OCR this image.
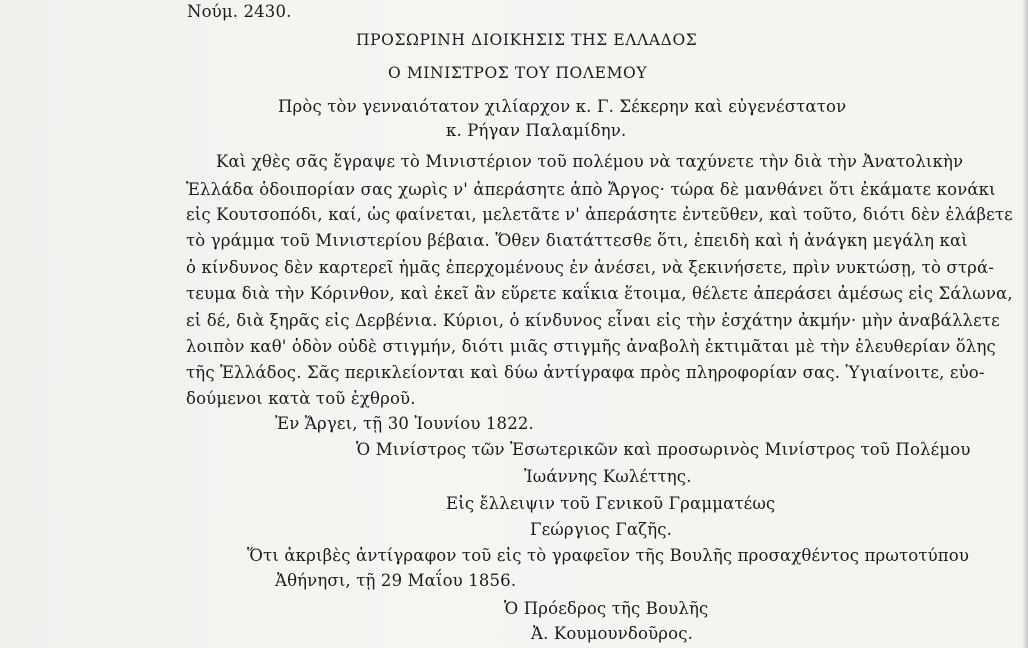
Νούμ. 2430.
ΠΡΟΣΩΡΙΝΗ ΔΙΟΙΚΗΣΙΣ ΤΗΣ ΕΛΛΑΔΟΣ
Ο ΜΙΝΙΣΤΡΟΣ ΤΟΥ ΠΟΛΕΜΟΥ
Πρὸς τὸν γενναιότατον χιλίαρχον κ. Γ. Σέκερην καὶ εὐγενέστατον
κ. Ρήγαν Παλαμίδην.
Καὶ χθὲς σᾶς ἔγραψε τὸ Μινιστέριον τοῦ πολέμου νὰ ταχύνετε τὴν διὰ τὴν Ἀνατολικὴν
Ἑλλάδα ὁδοιπορίαν σας χωρὶς ν' ἀπεράσητε ἀπὸ Ἄργος· τώρα δὲ μανθάνει ὅτι ἐκάματε κονάκι
εἰς Κουτσοπόδι, καί, ὡς φαίνεται, μελετᾶτε ν' ἀπεράσητε ἐντεῦθεν, καὶ τοῦτο, διότι δὲν ἐλάβετε
τὸ γράμμα τοῦ Μινιστερίου βέβαια. Ὅθεν διατάττεσθε ὅτι, ἐπειδὴ καὶ ἡ ἀνάγκη μεγάλη καὶ
ὁ κίνδυνος δὲν καρτερεῖ ἡμᾶς ἐπερχομένους ἐν ἀνέσει, νὰ ξεκινήσετε, πρὶν νυκτώσῃ, τὸ στρά-
τευμα διὰ τὴν Κόρινθον, καὶ ἐκεῖ ἂν εὕρετε καΐκια ἕτοιμα, θέλετε ἀπεράσει ἀμέσως εἰς Σάλωνα,
εἰ δέ, διὰ ξηρᾶς εἰς Δερβένια. Κύριοι, ὁ κίνδυνος εἶναι εἰς τὴν ἐσχάτην ἀκμήν· μὴν ἀναβάλλετε
λοιπὸν καθ' ὁδὸν οὐδὲ στιγμήν, διότι μιᾶς στιγμῆς ἀναβολὴ ἐκτιμᾶται μὲ τὴν ἐλευθερίαν ὅλης
τῆς Ἑλλάδος. Σᾶς περικλείονται καὶ δύω ἀντίγραφα πρὸς πληροφορίαν σας. Ὑγιαίνοιτε, εὐο-
δούμενοι κατὰ τοῦ ἐχθροῦ.
Ἐν Ἄργει, τῇ 30 Ἰουνίου 1822.
Ὁ Μινίστρος τῶν Ἐσωτερικῶν καὶ προσωρινὸς Μινίστρος τοῦ Πολέμου
Ἰωάννης Κωλέττης.
Εἰς ἔλλειψιν τοῦ Γενικοῦ Γραμματέως
Γεώργιος Γαζῆς.
Ὅτι ἀκριβὲς ἀντίγραφον τοῦ εἰς τὸ γραφεῖον τῆς Βουλῆς προσαχθέντος πρωτοτύπου
Ἀθήνησι, τῇ 29 Μαΐου 1856.
Ὁ Πρόεδρος τῆς Βουλῆς
Ἀ. Κουμουνδοῦρος.
